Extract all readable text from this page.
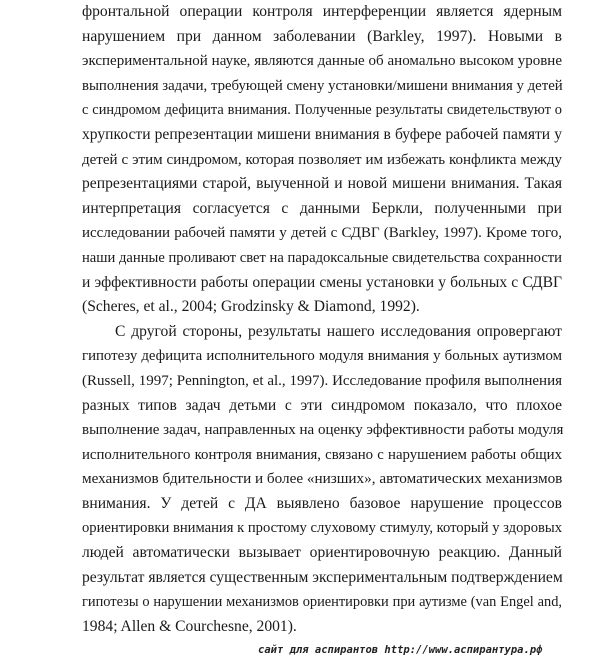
фронтальной операции контроля интерференции является ядерным
нарушением при данном заболевании (Barkley, 1997). Новыми в
экспериментальной науке, являются данные об аномально высоком уровне
выполнения задачи, требующей смену установки/мишени внимания у детей
с синдромом дефицита внимания. Полученные результаты свидетельствуют о
хрупкости репрезентации мишени внимания в буфере рабочей памяти у
детей с этим синдромом, которая позволяет им избежать конфликта между
репрезентациями старой, выученной и новой мишени внимания. Такая
интерпретация согласуется с данными Беркли, полученными при
исследовании рабочей памяти у детей с СДВГ (Barkley, 1997). Кроме того,
наши данные проливают свет на парадоксальные свидетельства сохранности
и эффективности работы операции смены установки у больных с СДВГ
(Scheres, et al., 2004; Grodzinsky & Diamond, 1992).
С другой стороны, результаты нашего исследования опровергают
гипотезу дефицита исполнительного модуля внимания у больных аутизмом
(Russell, 1997; Pennington, et al., 1997). Исследование профиля выполнения
разных типов задач детьми с эти синдромом показало, что плохое
выполнение задач, направленных на оценку эффективности работы модуля
исполнительного контроля внимания, связано с нарушением работы общих
механизмов бдительности и более «низших», автоматических механизмов
внимания. У детей с ДА выявлено базовое нарушение процессов
ориентировки внимания к простому слуховому стимулу, который у здоровых
людей автоматически вызывает ориентировочную реакцию. Данный
результат является существенным экспериментальным подтверждением
гипотезы о нарушении механизмов ориентировки при аутизме (van Engel and,
1984; Allen & Courchesne, 2001).
сайт для аспирантов http://www.аспирантура.рф
